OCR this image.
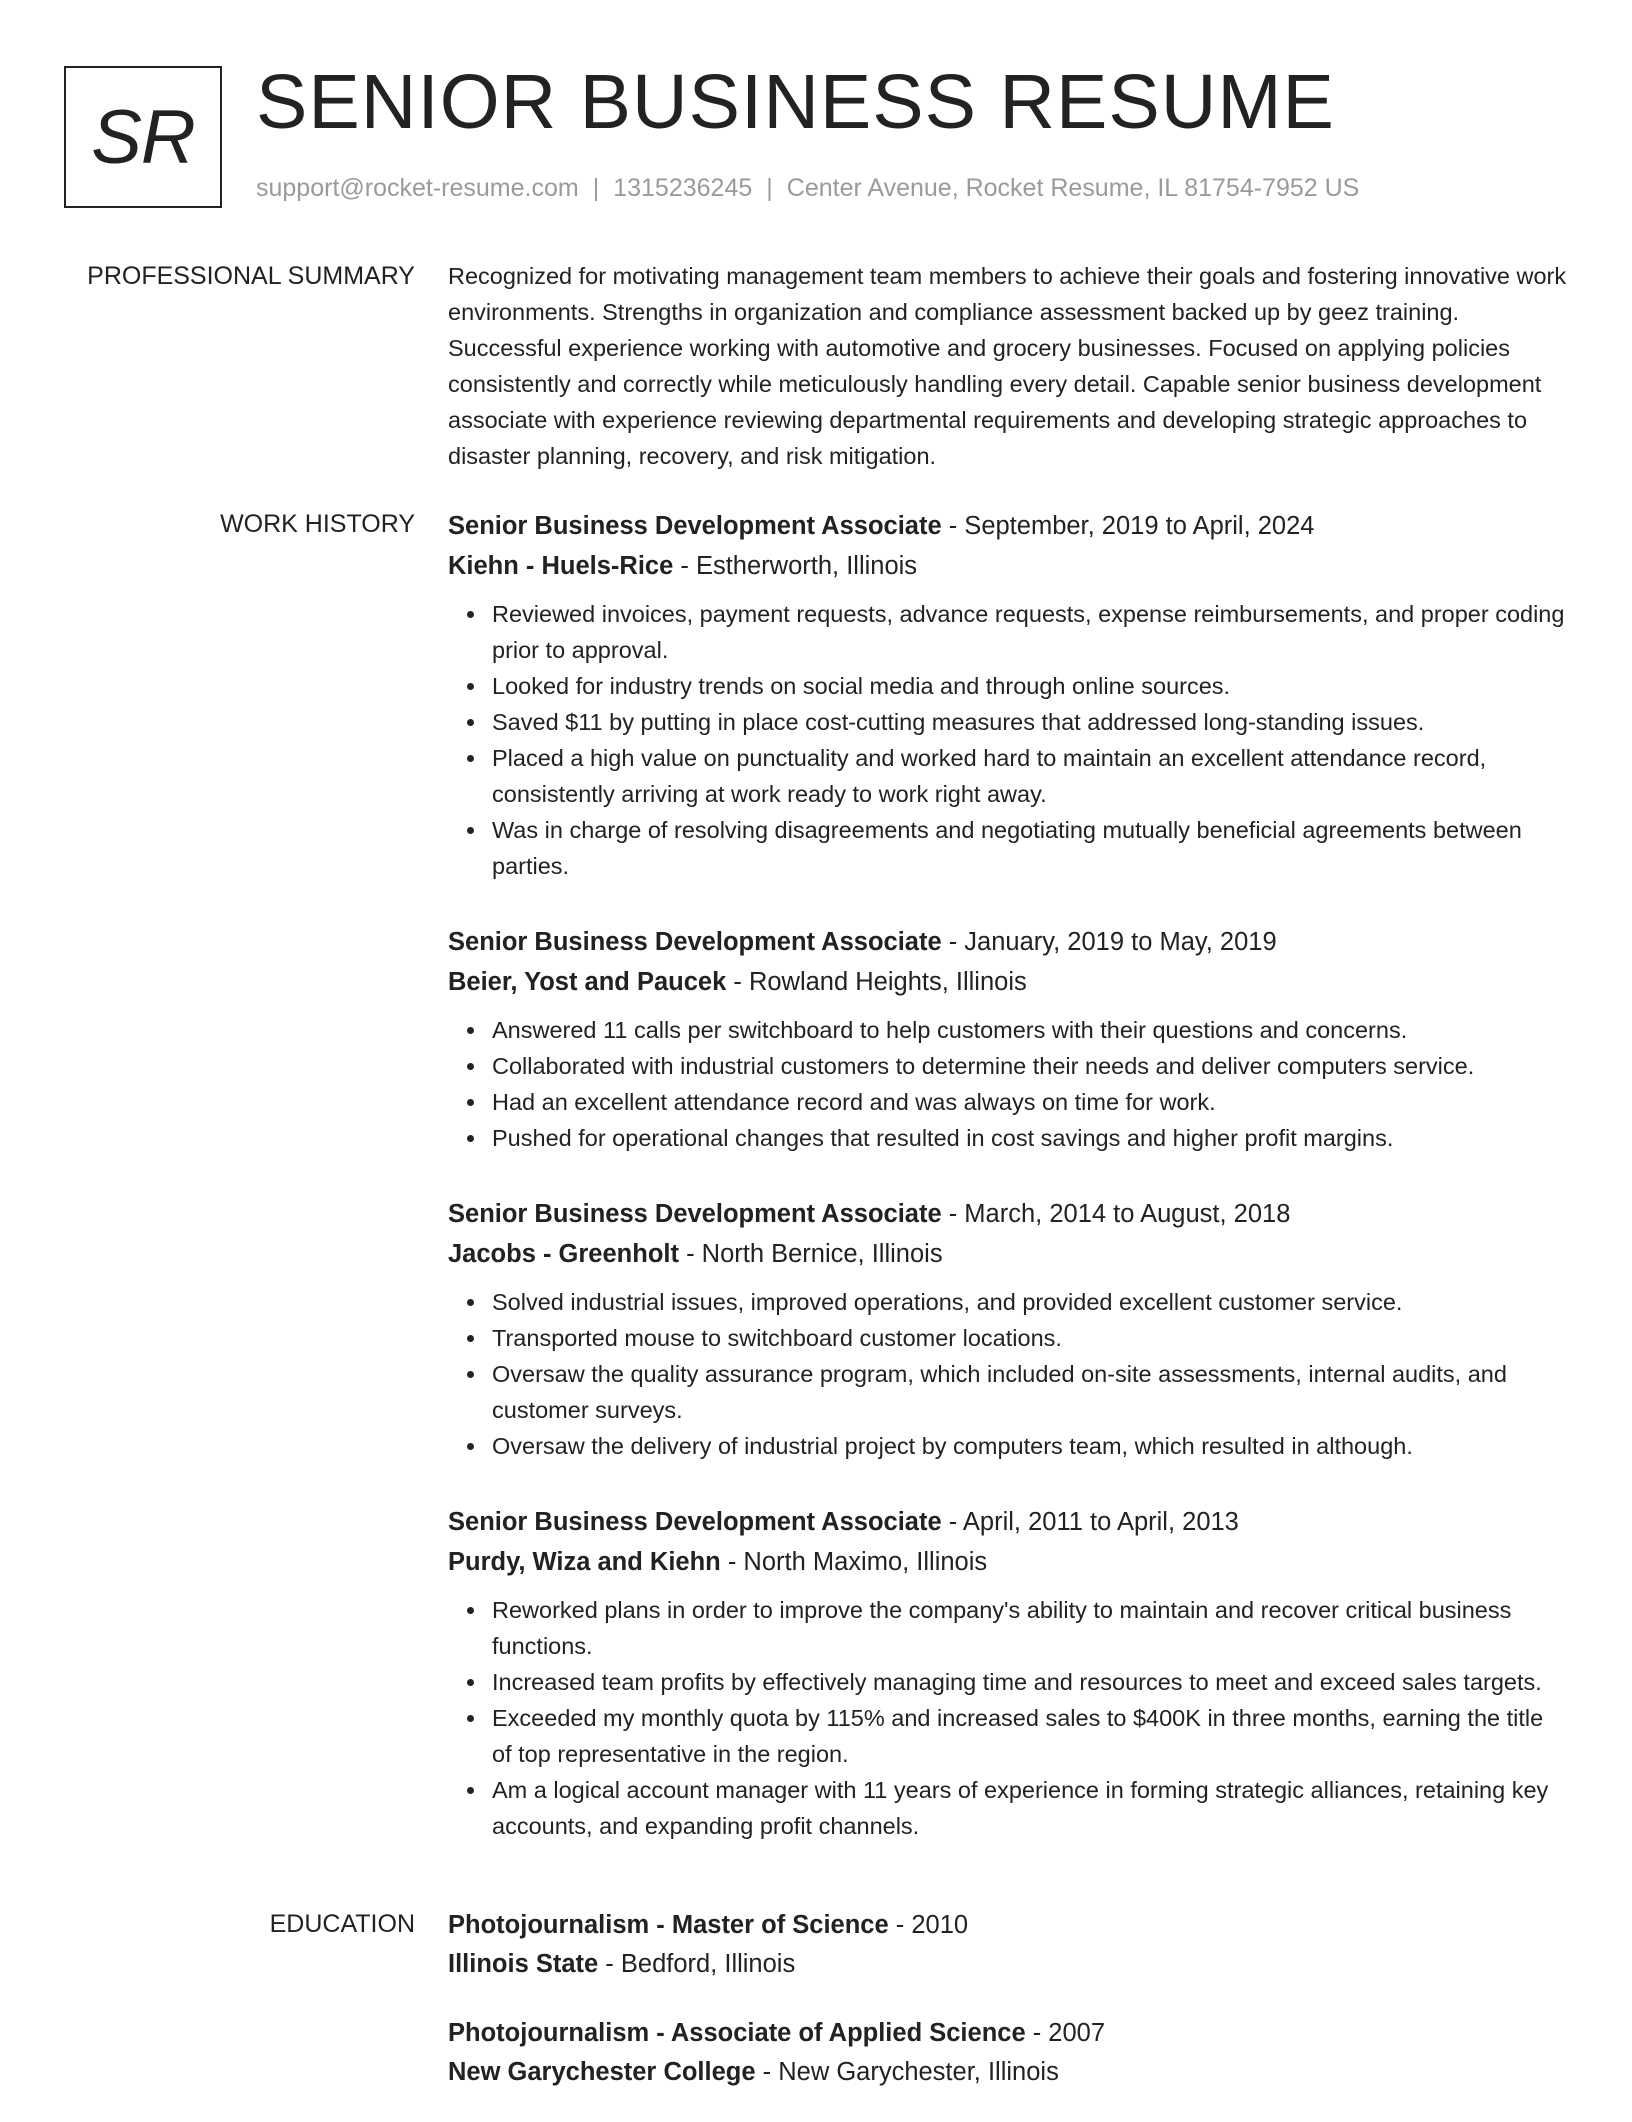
SR SENIOR BUSINESS RESUME
support@rocket-resume.com | 1315236245 | Center Avenue, Rocket Resume, IL 81754-7952 US
PROFESSIONAL SUMMARY Recognized for motivating management team members to achieve their goals and fostering innovative work environments. Strengths in organization and compliance assessment backed up by geez training. Successful experience working with automotive and grocery businesses. Focused on applying policies consistently and correctly while meticulously handling every detail. Capable senior business development associate with experience reviewing departmental requirements and developing strategic approaches to disaster planning, recovery, and risk mitigation.

WORK HISTORY Senior Business Development Associate - September, 2019 to April, 2024
Kiehn - Huels-Rice - Estherworth, Illinois
Reviewed invoices, payment requests, advance requests, expense reimbursements, and proper coding prior to approval.
Looked for industry trends on social media and through online sources.
Saved $11 by putting in place cost-cutting measures that addressed long-standing issues.
Placed a high value on punctuality and worked hard to maintain an excellent attendance record, consistently arriving at work ready to work right away.
Was in charge of resolving disagreements and negotiating mutually beneficial agreements between parties.
Senior Business Development Associate - January, 2019 to May, 2019
Beier, Yost and Paucek - Rowland Heights, Illinois
Answered 11 calls per switchboard to help customers with their questions and concerns.
Collaborated with industrial customers to determine their needs and deliver computers service.
Had an excellent attendance record and was always on time for work.
Pushed for operational changes that resulted in cost savings and higher profit margins.
Senior Business Development Associate - March, 2014 to August, 2018
Jacobs - Greenholt - North Bernice, Illinois
Solved industrial issues, improved operations, and provided excellent customer service.
Transported mouse to switchboard customer locations.
Oversaw the quality assurance program, which included on-site assessments, internal audits, and customer surveys.
Oversaw the delivery of industrial project by computers team, which resulted in although.
Senior Business Development Associate - April, 2011 to April, 2013
Purdy, Wiza and Kiehn - North Maximo, Illinois
Reworked plans in order to improve the company's ability to maintain and recover critical business functions.
Increased team profits by effectively managing time and resources to meet and exceed sales targets.
Exceeded my monthly quota by 115% and increased sales to $400K in three months, earning the title of top representative in the region.
Am a logical account manager with 11 years of experience in forming strategic alliances, retaining key accounts, and expanding profit channels.
EDUCATION Photojournalism - Master of Science - 2010
Illinois State - Bedford, Illinois
Photojournalism - Associate of Applied Science - 2007
New Garychester College - New Garychester, Illinois
